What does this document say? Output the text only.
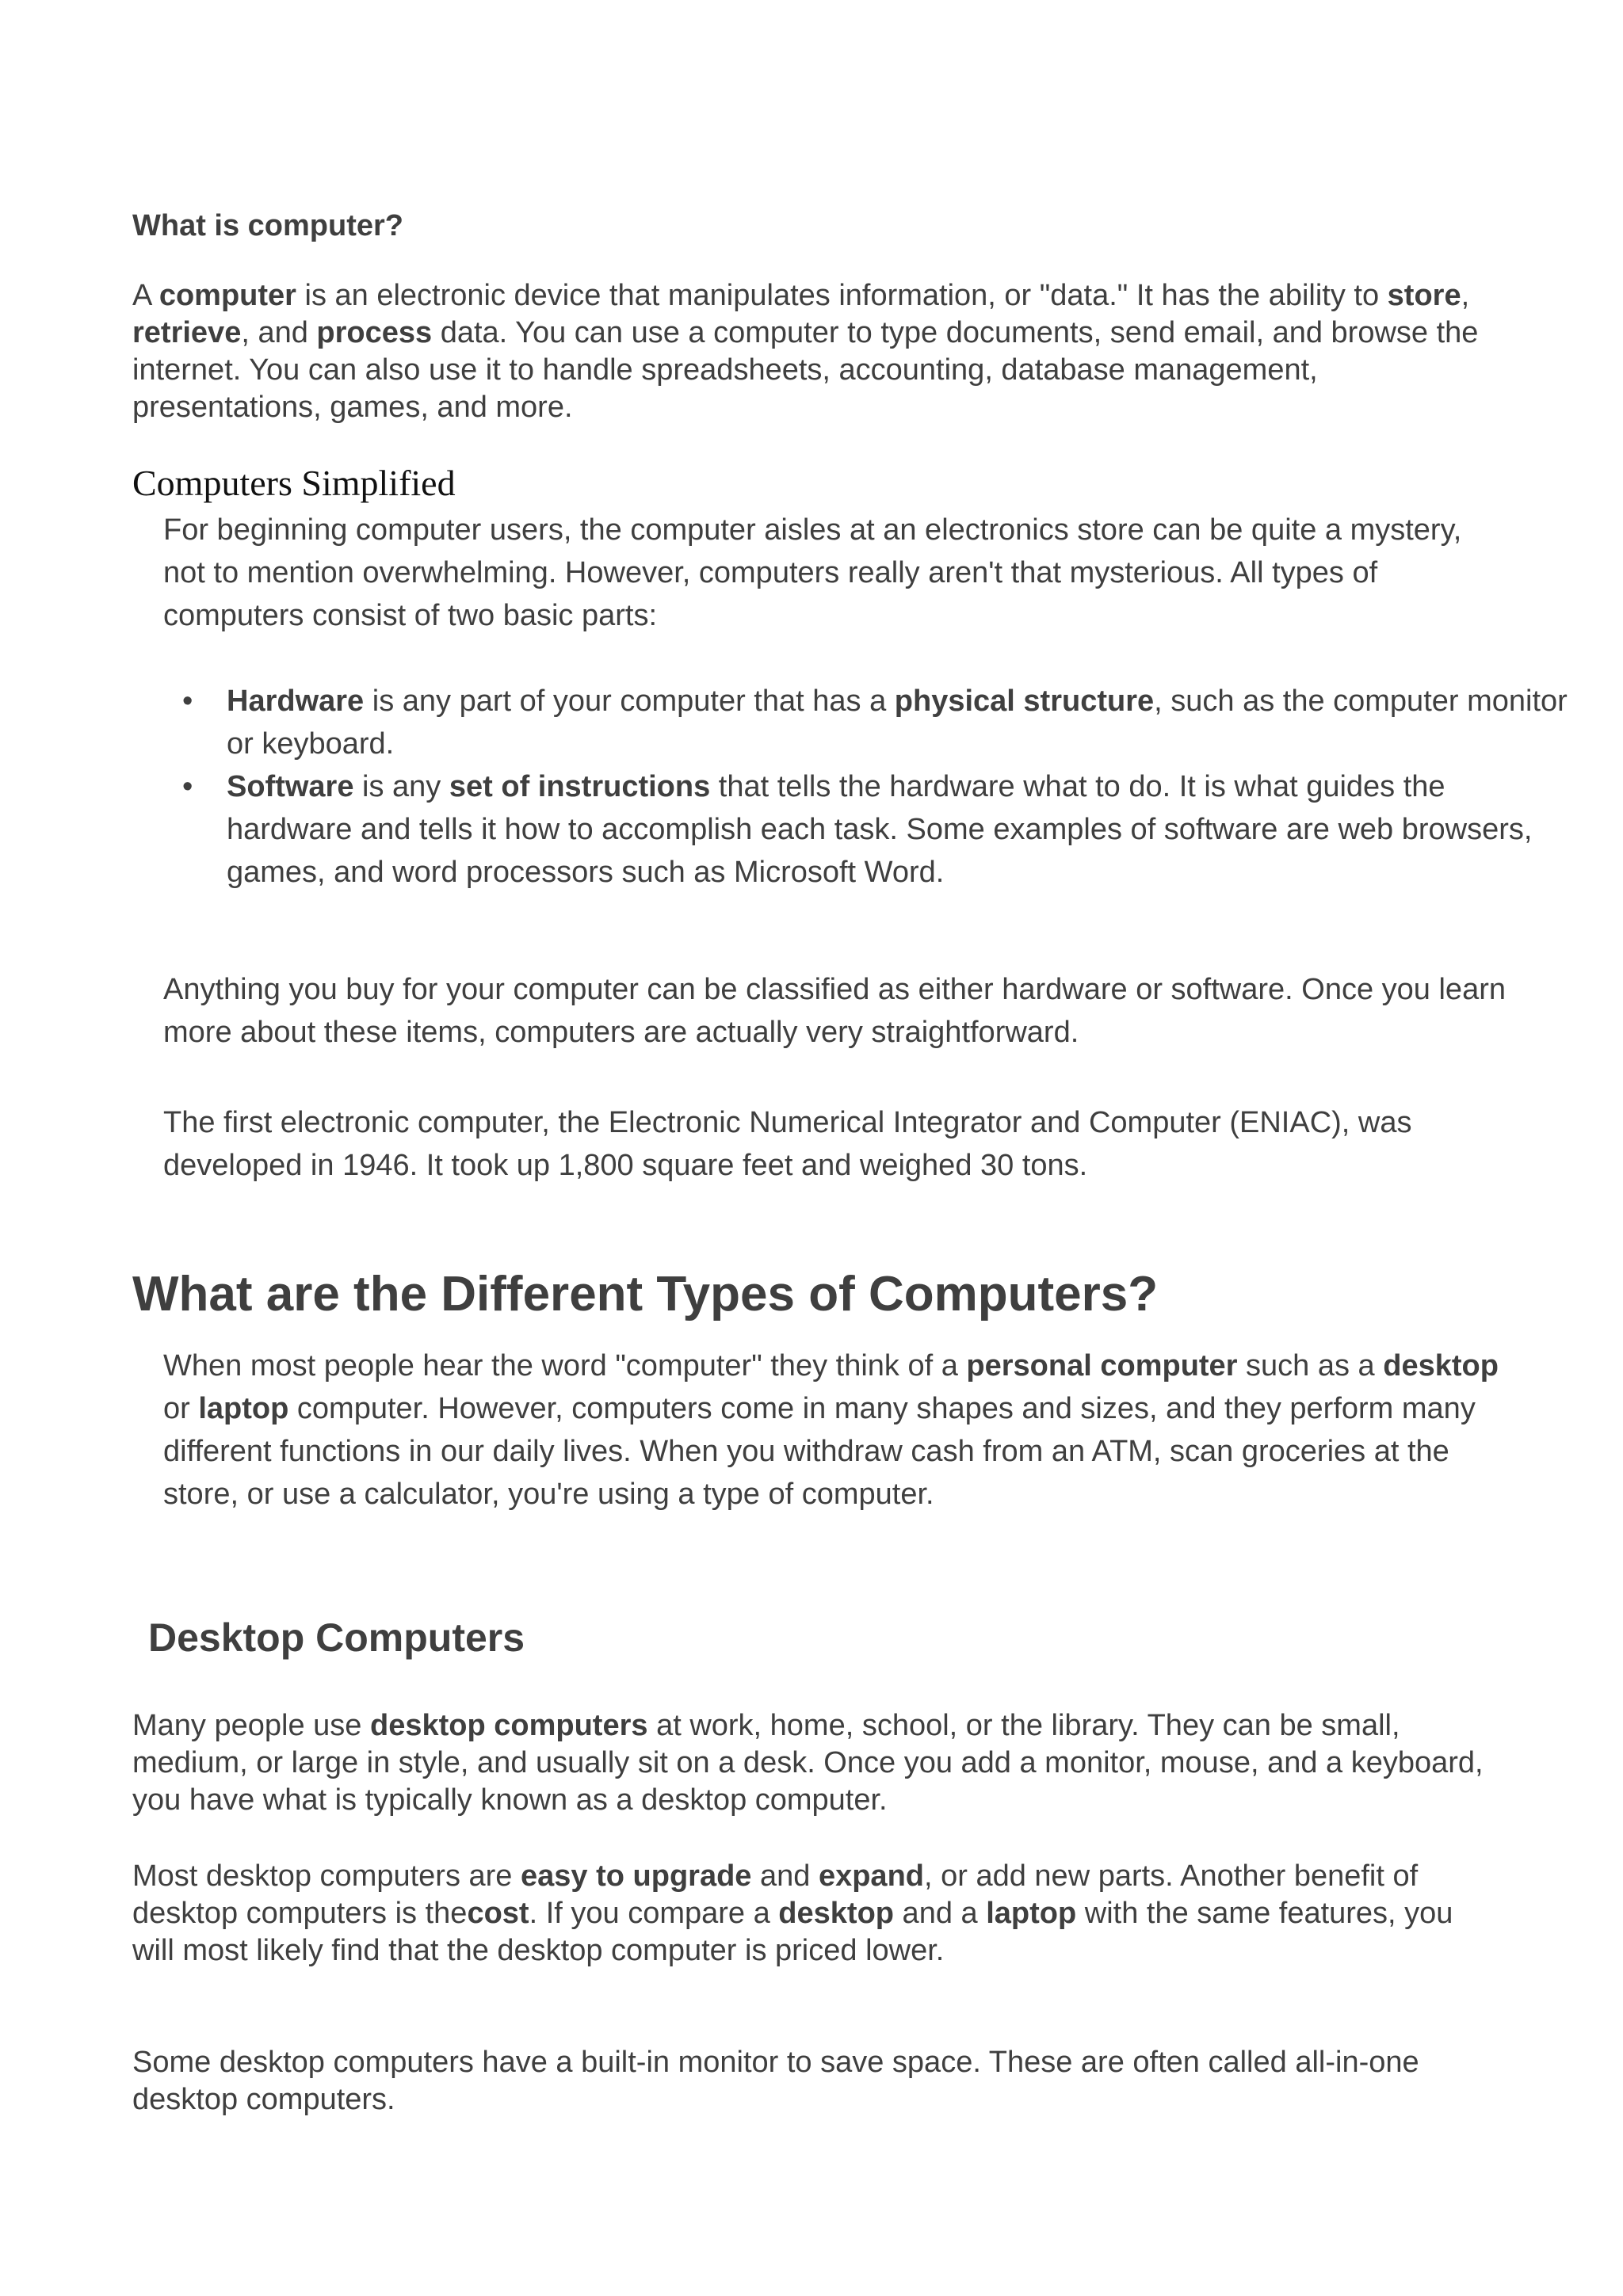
What is computer?

A computer is an electronic device that manipulates information, or "data." It has the ability to store, retrieve, and process data. You can use a computer to type documents, send email, and browse the internet. You can also use it to handle spreadsheets, accounting, database management, presentations, games, and more.

Computers Simplified

For beginning computer users, the computer aisles at an electronics store can be quite a mystery, not to mention overwhelming. However, computers really aren't that mysterious. All types of computers consist of two basic parts:

• Hardware is any part of your computer that has a physical structure, such as the computer monitor or keyboard.
• Software is any set of instructions that tells the hardware what to do. It is what guides the hardware and tells it how to accomplish each task. Some examples of software are web browsers, games, and word processors such as Microsoft Word.

Anything you buy for your computer can be classified as either hardware or software. Once you learn more about these items, computers are actually very straightforward.

The first electronic computer, the Electronic Numerical Integrator and Computer (ENIAC), was developed in 1946. It took up 1,800 square feet and weighed 30 tons.

What are the Different Types of Computers?

When most people hear the word "computer" they think of a personal computer such as a desktop or laptop computer. However, computers come in many shapes and sizes, and they perform many different functions in our daily lives. When you withdraw cash from an ATM, scan groceries at the store, or use a calculator, you're using a type of computer.

Desktop Computers

Many people use desktop computers at work, home, school, or the library. They can be small, medium, or large in style, and usually sit on a desk. Once you add a monitor, mouse, and a keyboard, you have what is typically known as a desktop computer.

Most desktop computers are easy to upgrade and expand, or add new parts. Another benefit of desktop computers is thecost. If you compare a desktop and a laptop with the same features, you will most likely find that the desktop computer is priced lower.

Some desktop computers have a built-in monitor to save space. These are often called all-in-one desktop computers.
